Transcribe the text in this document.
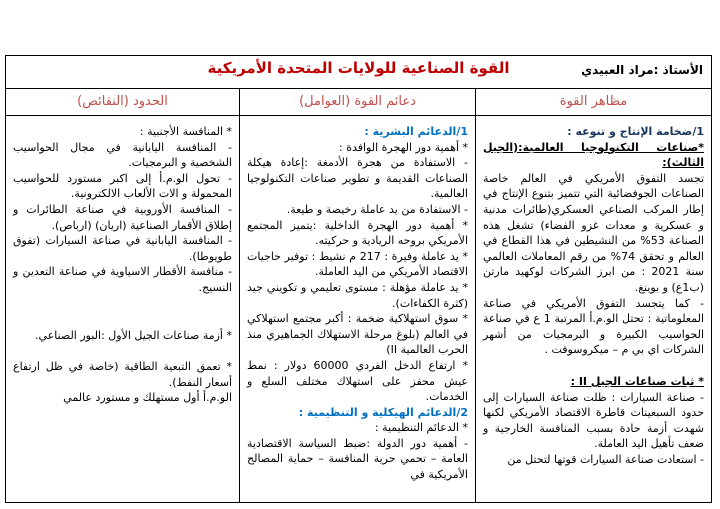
الأستاذ :مراد العبيدي
القوة الصناعية للولايات المتحدة الأمريكية
مظاهر القوة
دعائم القوة (العوامل)
الحدود (النقائص)

1/ضخامة الإنتاج و تنوعه :

*صناعات التكنولوجيا العالمية:(الجيل الثالث):

تجسد التفوق الأمريكي في العالم خاصة الصناعات الجوفضائية التي تتميز بتنوع الإنتاج في إطار المركب الصناعي العسكري(طائرات مدنية و عسكرية و معدات غزو الفضاء) تشغل هذه الصناعة 53% من النشيطين في هذا القطاع في العالم و تحقق 74% من رقم المعاملات العالمي سنة 2021 : من ابرز الشركات لوكهيد مارتن (ب1ع) و بوينغ.

- كما يتجسد التفوق الأمريكي في صناعة المعلوماتية : تحتل الو.م.أ المرتبة 1 ع في صناعة الحواسيب الكبيرة و البرمجيات من أشهر الشركات اي بي م – ميكروسوفت .

* ثبات صناعات الجيل II :

- صناعة السيارات : ظلت صناعة السيارات إلى حدود السبعينات قاطرة الاقتصاد الأمريكي لكنها شهدت أزمة حادة بسبب المنافسة الخارجية و ضعف تأهيل اليد العاملة.

- استعادت صناعة السيارات قوتها لتحتل من

1/الدعائم البشرية :

* أهمية دور الهجرة الوافدة :

- الاستفادة من هجرة الأدمغة :إعادة هيكلة الصناعات القديمة و تطوير صناعات التكنولوجيا العالمية.

- الاستفادة من يد عاملة رخيصة و طيعة.

* أهمية دور الهجرة الداخلية :يتميز المجتمع الأمريكي بروحه الريادية و حركيته.

* يد عاملة وفيرة : 217 م نشيط : توفير حاجيات الاقتصاد الأمريكي من اليد العاملة.

* يد عاملة مؤهلة : مستوى تعليمي و تكويني جيد (كثرة الكفاءات).

* سوق استهلاكية ضخمة : أكبر مجتمع استهلاكي في العالم (بلوغ مرحلة الاستهلاك الجماهيري منذ الحرب العالمية II)

* ارتفاع الدخل الفردي 60000 دولار : نمط عيش محفز على استهلاك مختلف السلع و الخدمات.

2/الدعائم الهيكلية و التنظيمية :

* الدعائم التنظيمية :

- أهمية دور الدولة :ضبط السياسة الاقتصادية العامة – تحمي حرية المنافسة – حماية المصالح الأمريكية في

* المنافسة الأجنبية :

- المنافسة اليابانية في مجال الحواسيب الشخصية و البرمجيات.

- تحول الو.م.أ إلى اكبر مستورد للحواسيب المحمولة و الات الألعاب الالكترونية.

- المنافسة الأوروبية في صناعة الطائرات و إطلاق الأقمار الصناعية (اريان) (ارباص).

- المنافسة اليابانية في صناعة السيارات (تفوق طويوطا).

- منافسة الأقطار الاسياوية في صناعة التعدين و النسيج.

* أزمة صناعات الجيل الأول :البور الصناعي.

* تعمق التبعية الطاقية (خاصة في ظل ارتفاع أسعار النفط).

الو.م.أ أول مستهلك و مستورد عالمي
